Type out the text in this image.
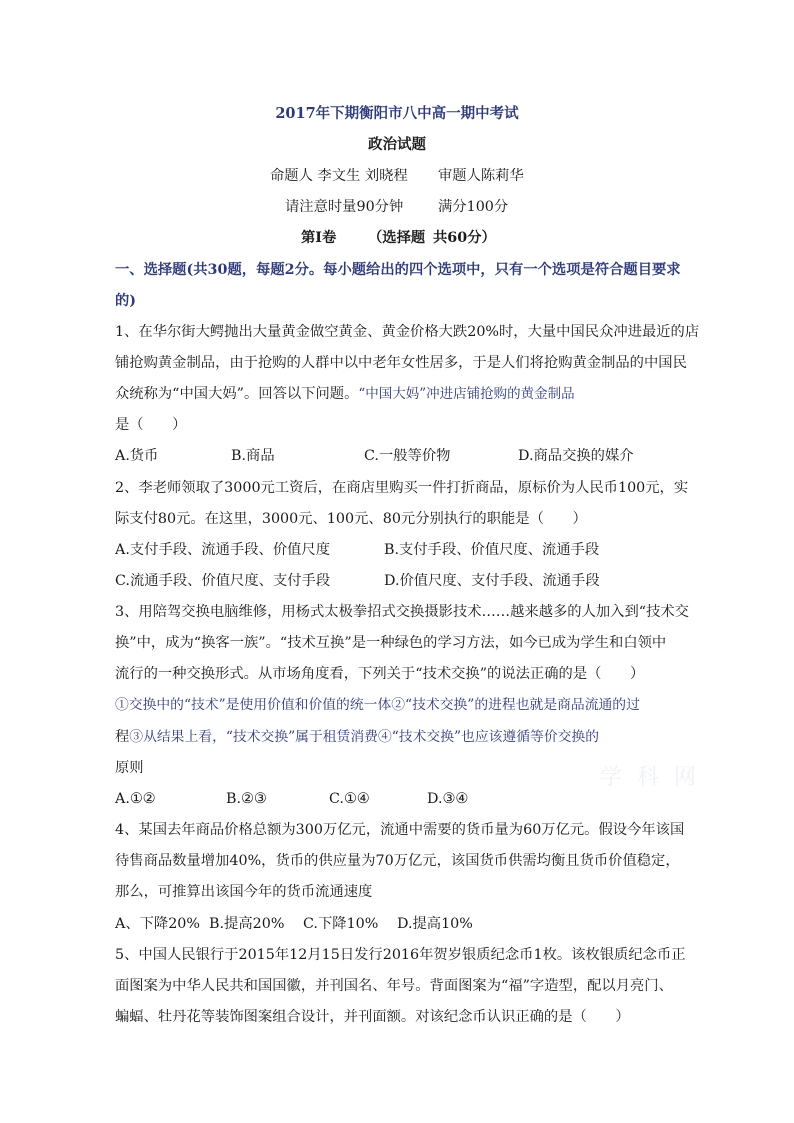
2017年下期衡阳市八中高一期中考试
政治试题
命题人 李文生 刘晓程 审题人陈莉华
请注意时量90分钟 满分100分
第Ⅰ卷 （选择题 共60分）
一、选择题(共30题，每题2分。每小题给出的四个选项中，只有一个选项是符合题目要求
的)
1、在华尔街大鳄抛出大量黄金做空黄金、黄金价格大跌20%时，大量中国民众冲进最近的店
铺抢购黄金制品，由于抢购的人群中以中老年女性居多，于是人们将抢购黄金制品的中国民
众统称为“中国大妈”。回答以下问题。“中国大妈”冲进店铺抢购的黄金制品
是（　　）
A.货币	B.商品	C.一般等价物	D.商品交换的媒介
2、李老师领取了3000元工资后，在商店里购买一件打折商品，原标价为人民币100元，实
际支付80元。在这里，3000元、100元、80元分别执行的职能是（　　）
A.支付手段、流通手段、价值尺度	B.支付手段、价值尺度、流通手段
C.流通手段、价值尺度、支付手段	D.价值尺度、支付手段、流通手段
3、用陪驾交换电脑维修，用杨式太极拳招式交换摄影技术……越来越多的人加入到“技术交
换”中，成为“换客一族”。“技术互换”是一种绿色的学习方法，如今已成为学生和白领中
流行的一种交换形式。从市场角度看，下列关于“技术交换”的说法正确的是（　　）
①交换中的“技术”是使用价值和价值的统一体②“技术交换”的进程也就是商品流通的过
程③从结果上看，“技术交换”属于租赁消费④“技术交换”也应该遵循等价交换的
原则
A.①②	B.②③	C.①④	D.③④
4、某国去年商品价格总额为300万亿元，流通中需要的货币量为60万亿元。假设今年该国
待售商品数量增加40%，货币的供应量为70万亿元，该国货币供需均衡且货币价值稳定，
那么，可推算出该国今年的货币流通速度
A、下降20% B.提高20% C.下降10% D.提高10%
5、中国人民银行于2015年12月15日发行2016年贺岁银质纪念币1枚。该枚银质纪念币正
面图案为中华人民共和国国徽，并刊国名、年号。背面图案为“福”字造型，配以月亮门、
蝙蝠、牡丹花等装饰图案组合设计，并刊面额。对该纪念币认识正确的是（　　）
学 科 网
